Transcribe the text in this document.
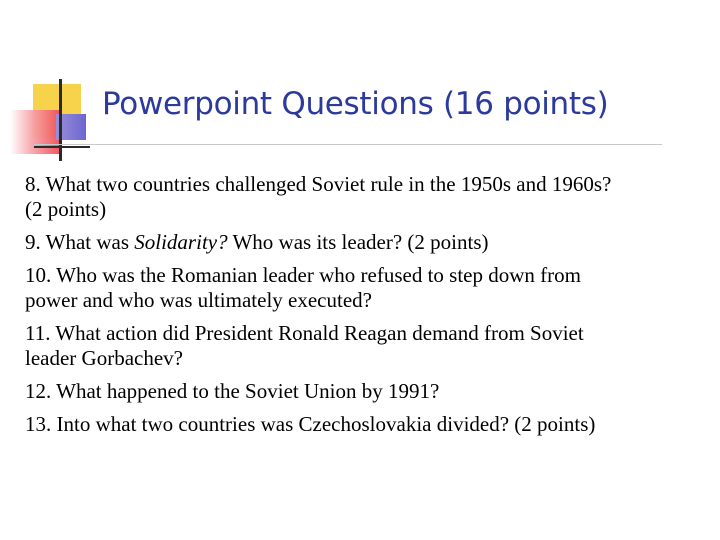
Powerpoint Questions (16 points)

8. What two countries challenged Soviet rule in the 1950s and 1960s? (2 points)

9. What was Solidarity? Who was its leader? (2 points)

10. Who was the Romanian leader who refused to step down from power and who was ultimately executed?

11. What action did President Ronald Reagan demand from Soviet leader Gorbachev?

12. What happened to the Soviet Union by 1991?

13. Into what two countries was Czechoslovakia divided? (2 points)
